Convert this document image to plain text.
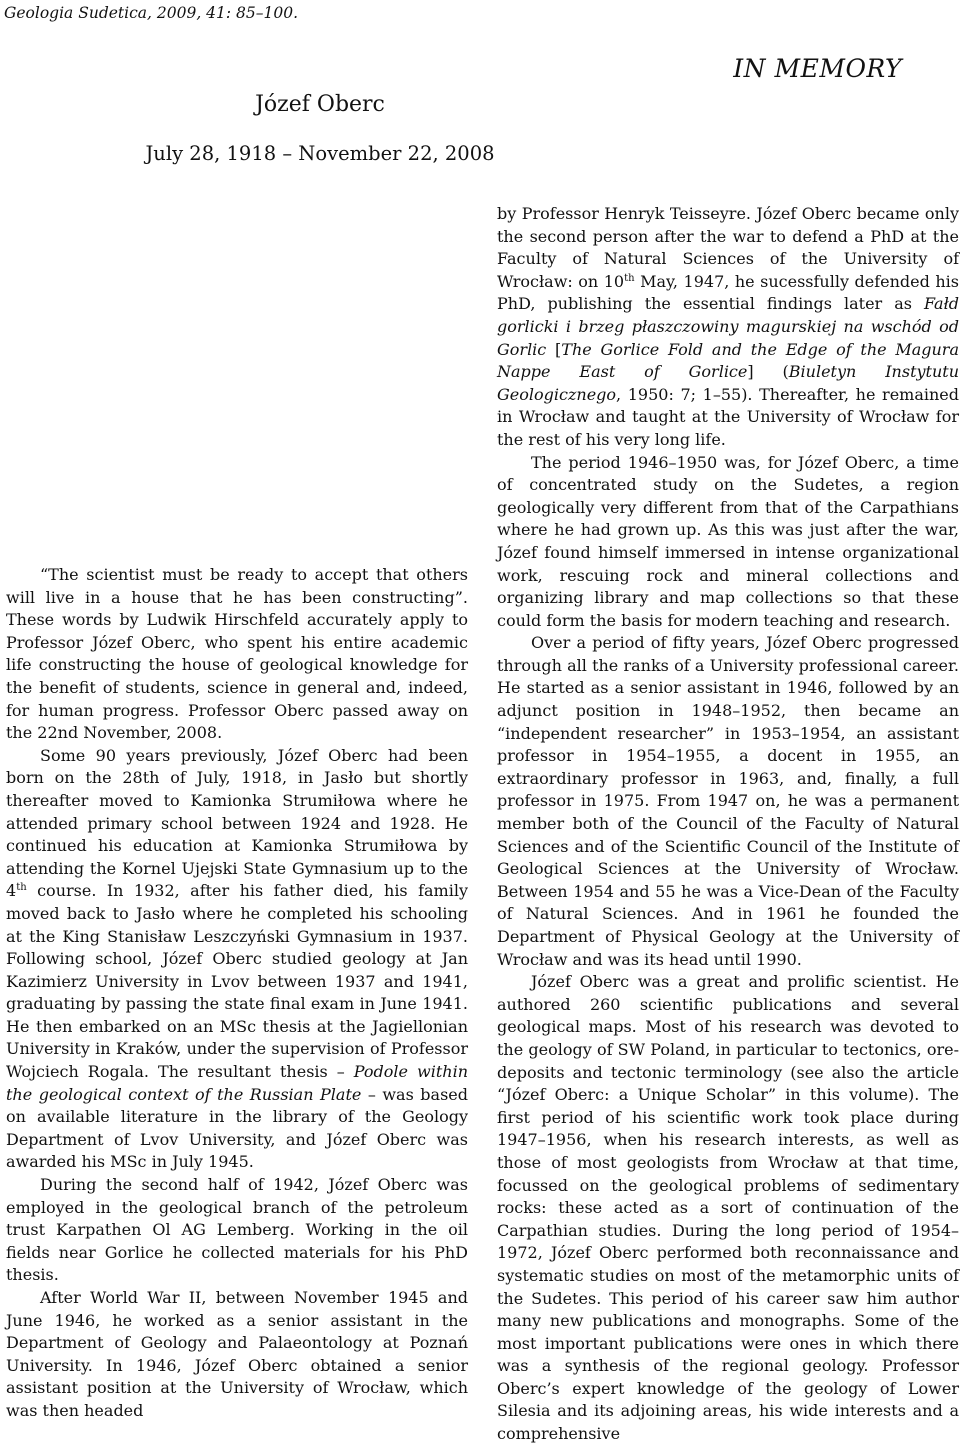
Geologia Sudetica, 2009, 41: 85–100.
IN MEMORY
Józef Oberc
July 28, 1918 – November 22, 2008

“The scientist must be ready to accept that others will live in a house that he has been constructing”. These words by Ludwik Hirschfeld accurately apply to Professor Józef Oberc, who spent his entire academic life constructing the house of geological knowledge for the benefit of students, science in general and, indeed, for human progress. Professor Oberc passed away on the 22nd November, 2008.

Some 90 years previously, Józef Oberc had been born on the 28th of July, 1918, in Jasło but shortly thereafter moved to Kamionka Strumiłowa where he attended primary school between 1924 and 1928. He continued his education at Kamionka Strumiłowa by attending the Kornel Ujejski State Gymnasium up to the 4th course. In 1932, after his father died, his family moved back to Jasło where he completed his schooling at the King Stanisław Leszczyński Gymnasium in 1937. Following school, Józef Oberc studied geology at Jan Kazimierz University in Lvov between 1937 and 1941, graduating by passing the state final exam in June 1941. He then embarked on an MSc thesis at the Jagiellonian University in Kraków, under the supervision of Professor Wojciech Rogala. The resultant thesis – Podole within the geological context of the Russian Plate – was based on available literature in the library of the Geology Department of Lvov University, and Józef Oberc was awarded his MSc in July 1945.

During the second half of 1942, Józef Oberc was employed in the geological branch of the petroleum trust Karpathen Ol AG Lemberg. Working in the oil fields near Gorlice he collected materials for his PhD thesis.

After World War II, between November 1945 and June 1946, he worked as a senior assistant in the Department of Geology and Palaeontology at Poznań University. In 1946, Józef Oberc obtained a senior assistant position at the University of Wrocław, which was then headed

by Professor Henryk Teisseyre. Józef Oberc became only the second person after the war to defend a PhD at the Faculty of Natural Sciences of the University of Wrocław: on 10th May, 1947, he sucessfully defended his PhD, publishing the essential findings later as Fałd gorlicki i brzeg płaszczowiny magurskiej na wschód od Gorlic [The Gorlice Fold and the Edge of the Magura Nappe East of Gorlice] (Biuletyn Instytutu Geologicznego, 1950: 7; 1–55). Thereafter, he remained in Wrocław and taught at the University of Wrocław for the rest of his very long life.

The period 1946–1950 was, for Józef Oberc, a time of concentrated study on the Sudetes, a region geologically very different from that of the Carpathians where he had grown up. As this was just after the war, Józef found himself immersed in intense organizational work, rescuing rock and mineral collections and organizing library and map collections so that these could form the basis for modern teaching and research.

Over a period of fifty years, Józef Oberc progressed through all the ranks of a University professional career. He started as a senior assistant in 1946, followed by an adjunct position in 1948–1952, then became an “independent researcher” in 1953–1954, an assistant professor in 1954–1955, a docent in 1955, an extraordinary professor in 1963, and, finally, a full professor in 1975. From 1947 on, he was a permanent member both of the Council of the Faculty of Natural Sciences and of the Scientific Council of the Institute of Geological Sciences at the University of Wrocław. Between 1954 and 55 he was a Vice-Dean of the Faculty of Natural Sciences. And in 1961 he founded the Department of Physical Geology at the University of Wrocław and was its head until 1990.

Józef Oberc was a great and prolific scientist. He authored 260 scientific publications and several geological maps. Most of his research was devoted to the geology of SW Poland, in particular to tectonics, ore-deposits and tectonic terminology (see also the article “Józef Oberc: a Unique Scholar” in this volume). The first period of his scientific work took place during 1947–1956, when his research interests, as well as those of most geologists from Wrocław at that time, focussed on the geological problems of sedimentary rocks: these acted as a sort of continuation of the Carpathian studies. During the long period of 1954–1972, Józef Oberc performed both reconnaissance and systematic studies on most of the metamorphic units of the Sudetes. This period of his career saw him author many new publications and monographs. Some of the most important publications were ones in which there was a synthesis of the regional geology. Professor Oberc’s expert knowledge of the geology of Lower Silesia and its adjoining areas, his wide interests and a comprehensive
